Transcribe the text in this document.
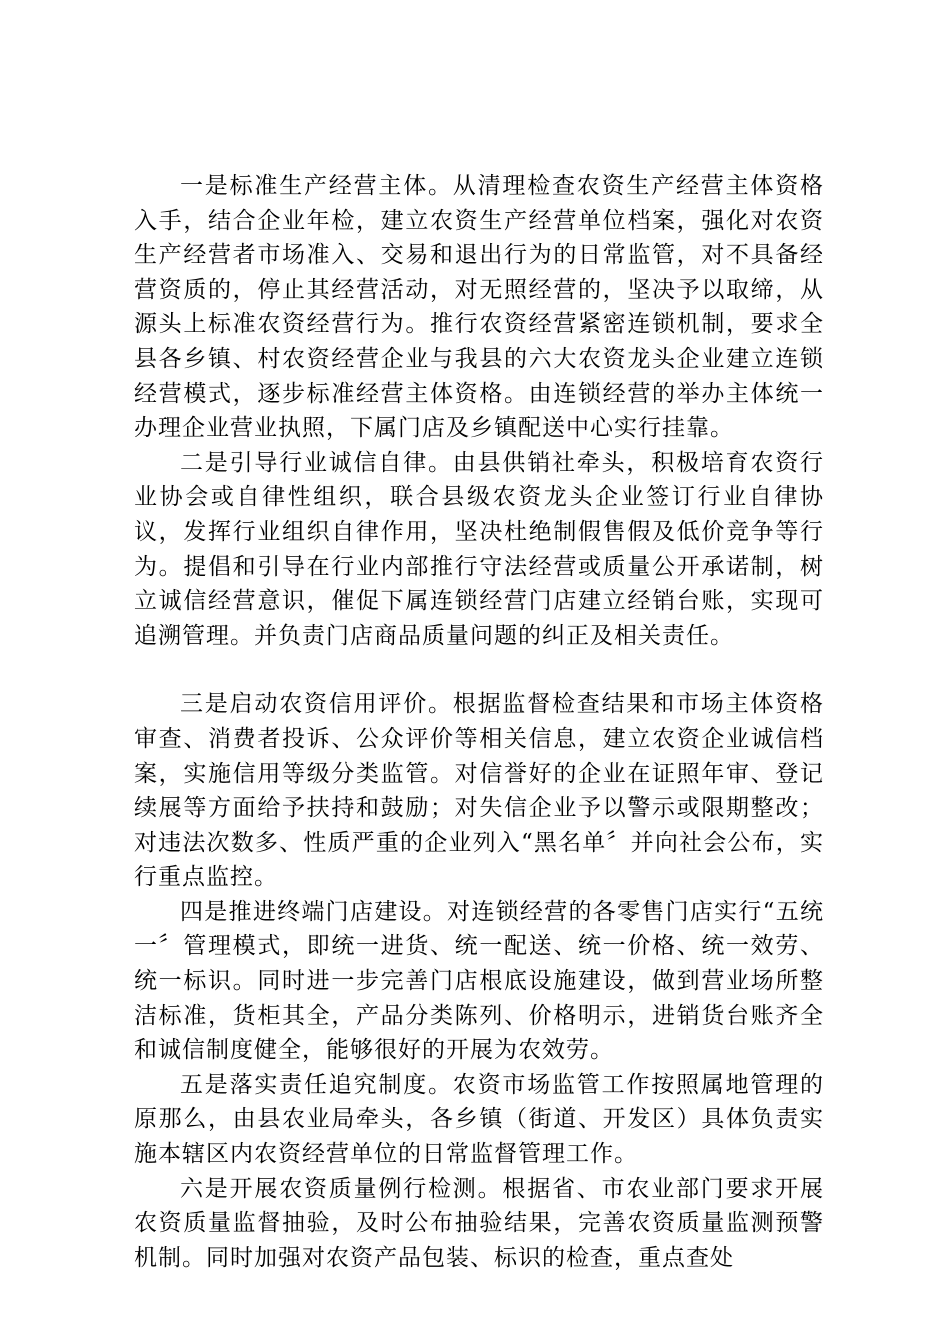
一是标准生产经营主体。从清理检查农资生产经营主体资格入手，结合企业年检，建立农资生产经营单位档案，强化对农资生产经营者市场准入、交易和退出行为的日常监管，对不具备经营资质的，停止其经营活动，对无照经营的，坚决予以取缔，从源头上标准农资经营行为。推行农资经营紧密连锁机制，要求全县各乡镇、村农资经营企业与我县的六大农资龙头企业建立连锁经营模式，逐步标准经营主体资格。由连锁经营的举办主体统一办理企业营业执照，下属门店及乡镇配送中心实行挂靠。

二是引导行业诚信自律。由县供销社牵头，积极培育农资行业协会或自律性组织，联合县级农资龙头企业签订行业自律协议，发挥行业组织自律作用，坚决杜绝制假售假及低价竞争等行为。提倡和引导在行业内部推行守法经营或质量公开承诺制，树立诚信经营意识，催促下属连锁经营门店建立经销台账，实现可追溯管理。并负责门店商品质量问题的纠正及相关责任。

三是启动农资信用评价。根据监督检查结果和市场主体资格审查、消费者投诉、公众评价等相关信息，建立农资企业诚信档案，实施信用等级分类监管。对信誉好的企业在证照年审、登记续展等方面给予扶持和鼓励；对失信企业予以警示或限期整改；对违法次数多、性质严重的企业列入“黑名单〞并向社会公布，实行重点监控。

四是推进终端门店建设。对连锁经营的各零售门店实行“五统一〞管理模式，即统一进货、统一配送、统一价格、统一效劳、统一标识。同时进一步完善门店根底设施建设，做到营业场所整洁标准，货柜其全，产品分类陈列、价格明示，进销货台账齐全和诚信制度健全，能够很好的开展为农效劳。

五是落实责任追究制度。农资市场监管工作按照属地管理的原那么，由县农业局牵头，各乡镇（街道、开发区）具体负责实施本辖区内农资经营单位的日常监督管理工作。

六是开展农资质量例行检测。根据省、市农业部门要求开展农资质量监督抽验，及时公布抽验结果，完善农资质量监测预警机制。同时加强对农资产品包装、标识的检查，重点查处
